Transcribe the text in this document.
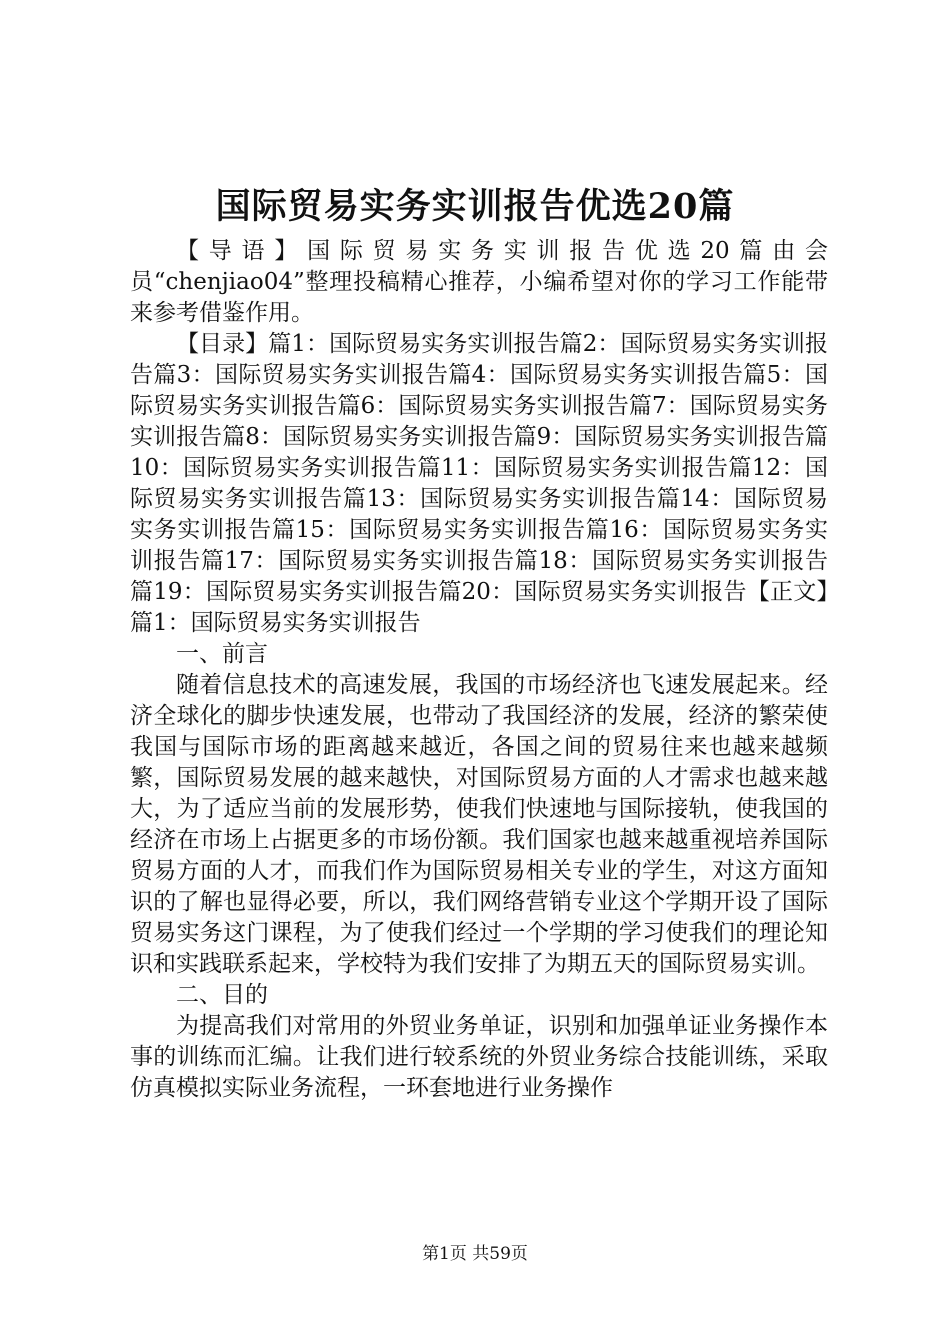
国际贸易实务实训报告优选20篇

【导语】国际贸易实务实训报告优选20篇由会员“chenjiao04”整理投稿精心推荐，小编希望对你的学习工作能带来参考借鉴作用。

【目录】篇1：国际贸易实务实训报告篇2：国际贸易实务实训报告篇3：国际贸易实务实训报告篇4：国际贸易实务实训报告篇5：国际贸易实务实训报告篇6：国际贸易实务实训报告篇7：国际贸易实务实训报告篇8：国际贸易实务实训报告篇9：国际贸易实务实训报告篇10：国际贸易实务实训报告篇11：国际贸易实务实训报告篇12：国际贸易实务实训报告篇13：国际贸易实务实训报告篇14：国际贸易实务实训报告篇15：国际贸易实务实训报告篇16：国际贸易实务实训报告篇17：国际贸易实务实训报告篇18：国际贸易实务实训报告篇19：国际贸易实务实训报告篇20：国际贸易实务实训报告【正文】篇1：国际贸易实务实训报告

一、前言

随着信息技术的高速发展，我国的市场经济也飞速发展起来。经济全球化的脚步快速发展，也带动了我国经济的发展，经济的繁荣使我国与国际市场的距离越来越近，各国之间的贸易往来也越来越频繁，国际贸易发展的越来越快，对国际贸易方面的人才需求也越来越大，为了适应当前的发展形势，使我们快速地与国际接轨，使我国的经济在市场上占据更多的市场份额。我们国家也越来越重视培养国际贸易方面的人才，而我们作为国际贸易相关专业的学生，对这方面知识的了解也显得必要，所以，我们网络营销专业这个学期开设了国际贸易实务这门课程，为了使我们经过一个学期的学习使我们的理论知识和实践联系起来，学校特为我们安排了为期五天的国际贸易实训。

二、目的

为提高我们对常用的外贸业务单证，识别和加强单证业务操作本事的训练而汇编。让我们进行较系统的外贸业务综合技能训练，采取仿真模拟实际业务流程，一环套地进行业务操作

第1页 共59页
